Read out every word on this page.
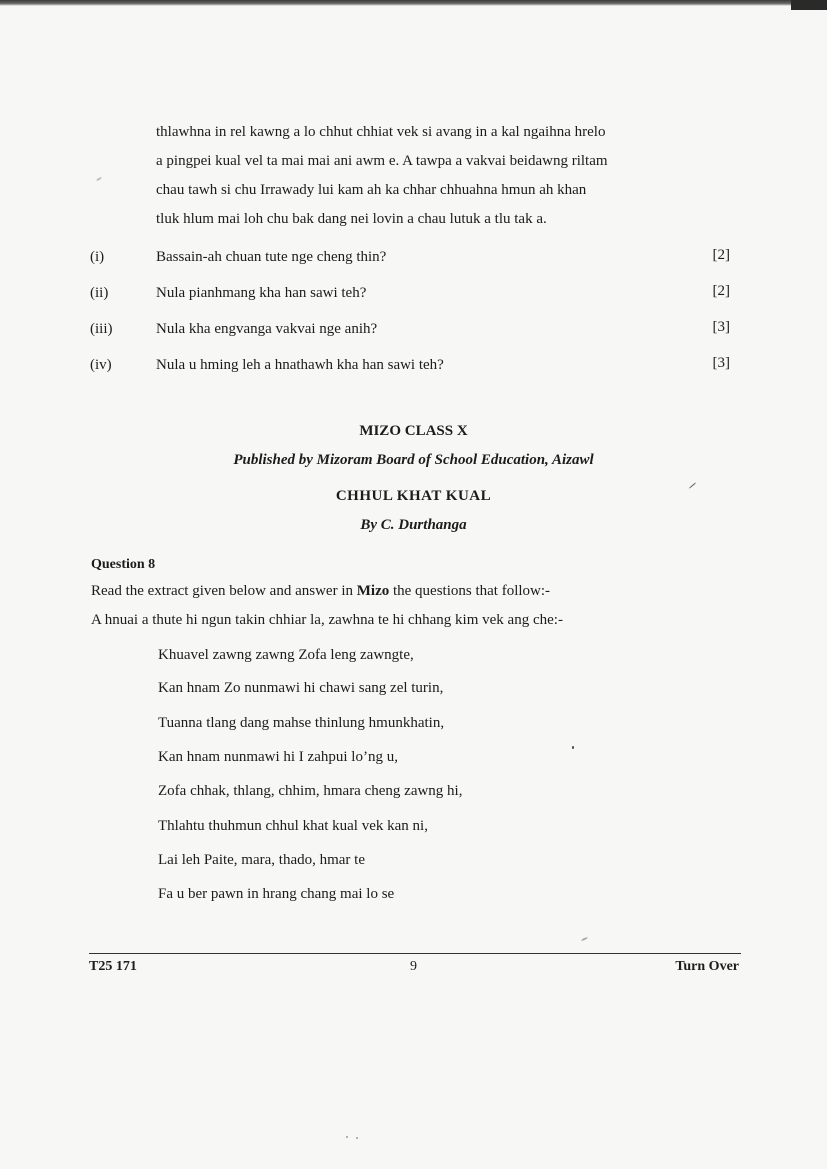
thlawhna in rel kawng a lo chhut chhiat vek si avang in a kal ngaihna hrelo
a pingpei kual vel ta mai mai ani awm e. A tawpa a vakvai beidawng riltam
chau tawh si chu Irrawady lui kam ah ka chhar chhuahna hmun ah khan
tluk hlum mai loh chu bak dang nei lovin a chau lutuk a tlu tak a.
(i)	Bassain-ah chuan tute nge cheng thin?	[2]
(ii)	Nula pianhmang kha han sawi teh?	[2]
(iii)	Nula kha engvanga vakvai nge anih?	[3]
(iv)	Nula u hming leh a hnathawh kha han sawi teh?	[3]
MIZO CLASS X
Published by Mizoram Board of School Education, Aizawl
CHHUL KHAT KUAL
By C. Durthanga
Question 8
Read the extract given below and answer in Mizo the questions that follow:-
A hnuai a thute hi ngun takin chhiar la, zawhna te hi chhang kim vek ang che:-
Khuavel zawng zawng Zofa leng zawngte,
Kan hnam Zo nunmawi hi chawi sang zel turin,
Tuanna tlang dang mahse thinlung hmunkhatin,
Kan hnam nunmawi hi I zahpui lo’ng u,
Zofa chhak, thlang, chhim, hmara cheng zawng hi,
Thlahtu thuhmun chhul khat kual vek kan ni,
Lai leh Paite, mara, thado, hmar te
Fa u ber pawn in hrang chang mai lo se
T25 171	9	Turn Over
